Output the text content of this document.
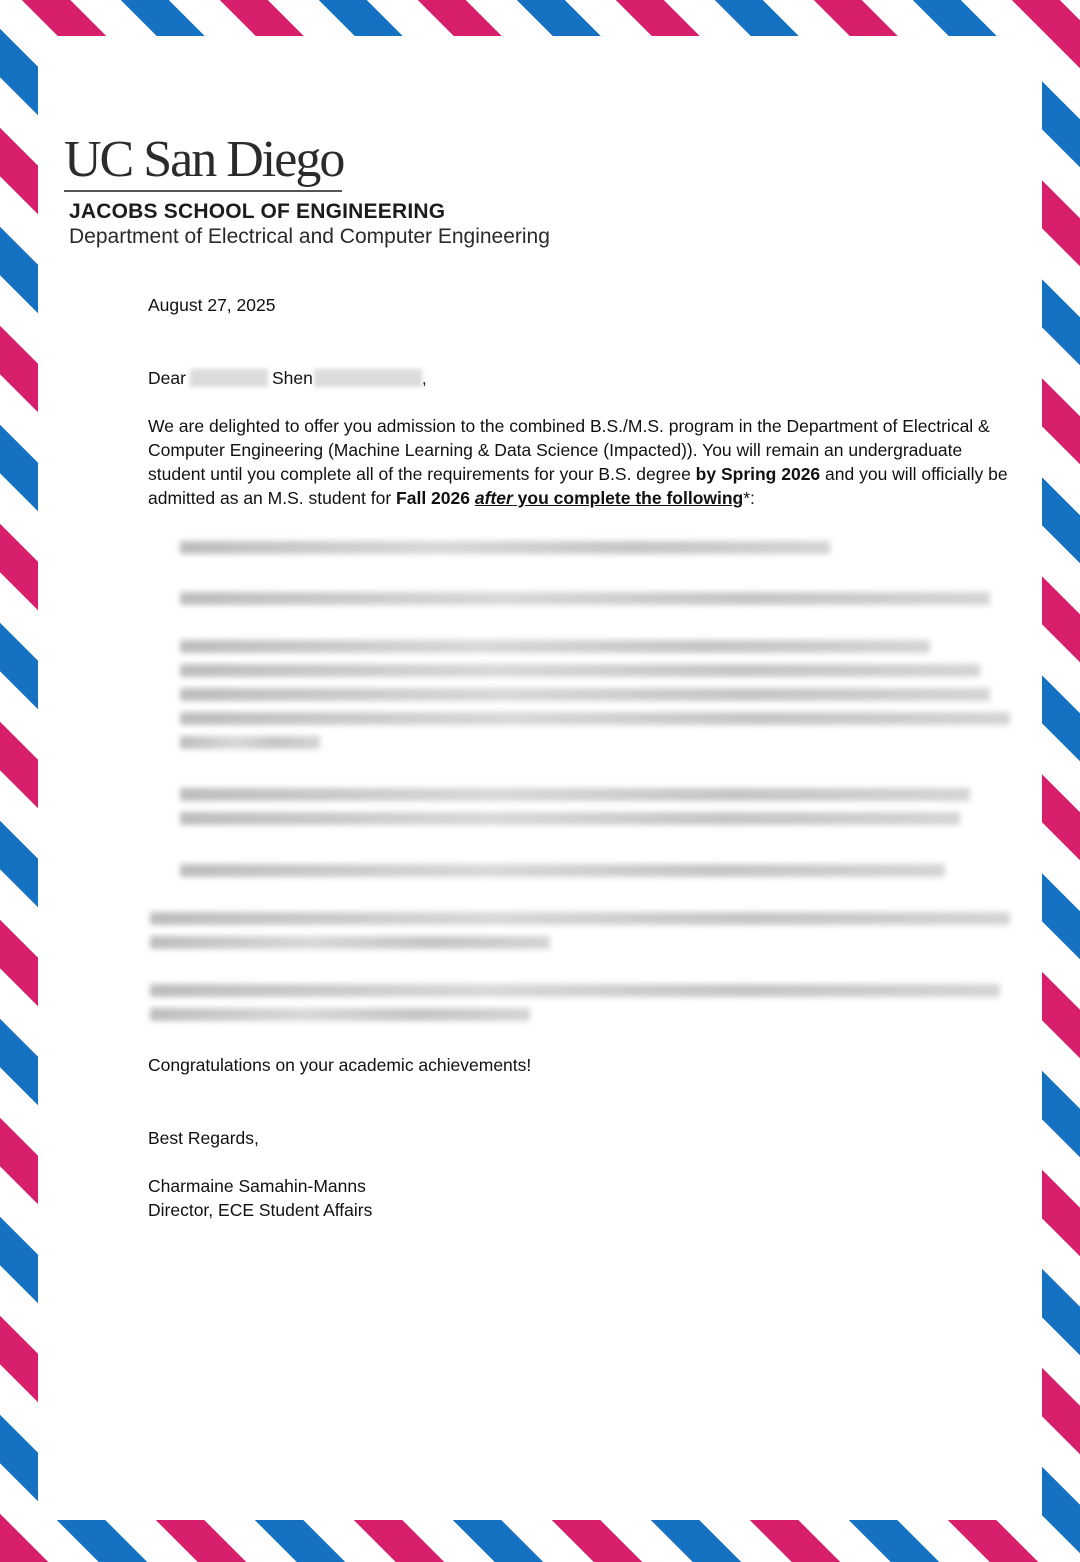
UC San Diego
JACOBS SCHOOL OF ENGINEERING
Department of Electrical and Computer Engineering
August 27, 2025
Dear	Shen	,
We are delighted to offer you admission to the combined B.S./M.S. program in the Department of Electrical & Computer Engineering (Machine Learning & Data Science (Impacted)). You will remain an undergraduate student until you complete all of the requirements for your B.S. degree by Spring 2026 and you will officially be admitted as an M.S. student for Fall 2026 after you complete the following*:
Congratulations on your academic achievements!
Best Regards,
Charmaine Samahin-Manns
Director, ECE Student Affairs
